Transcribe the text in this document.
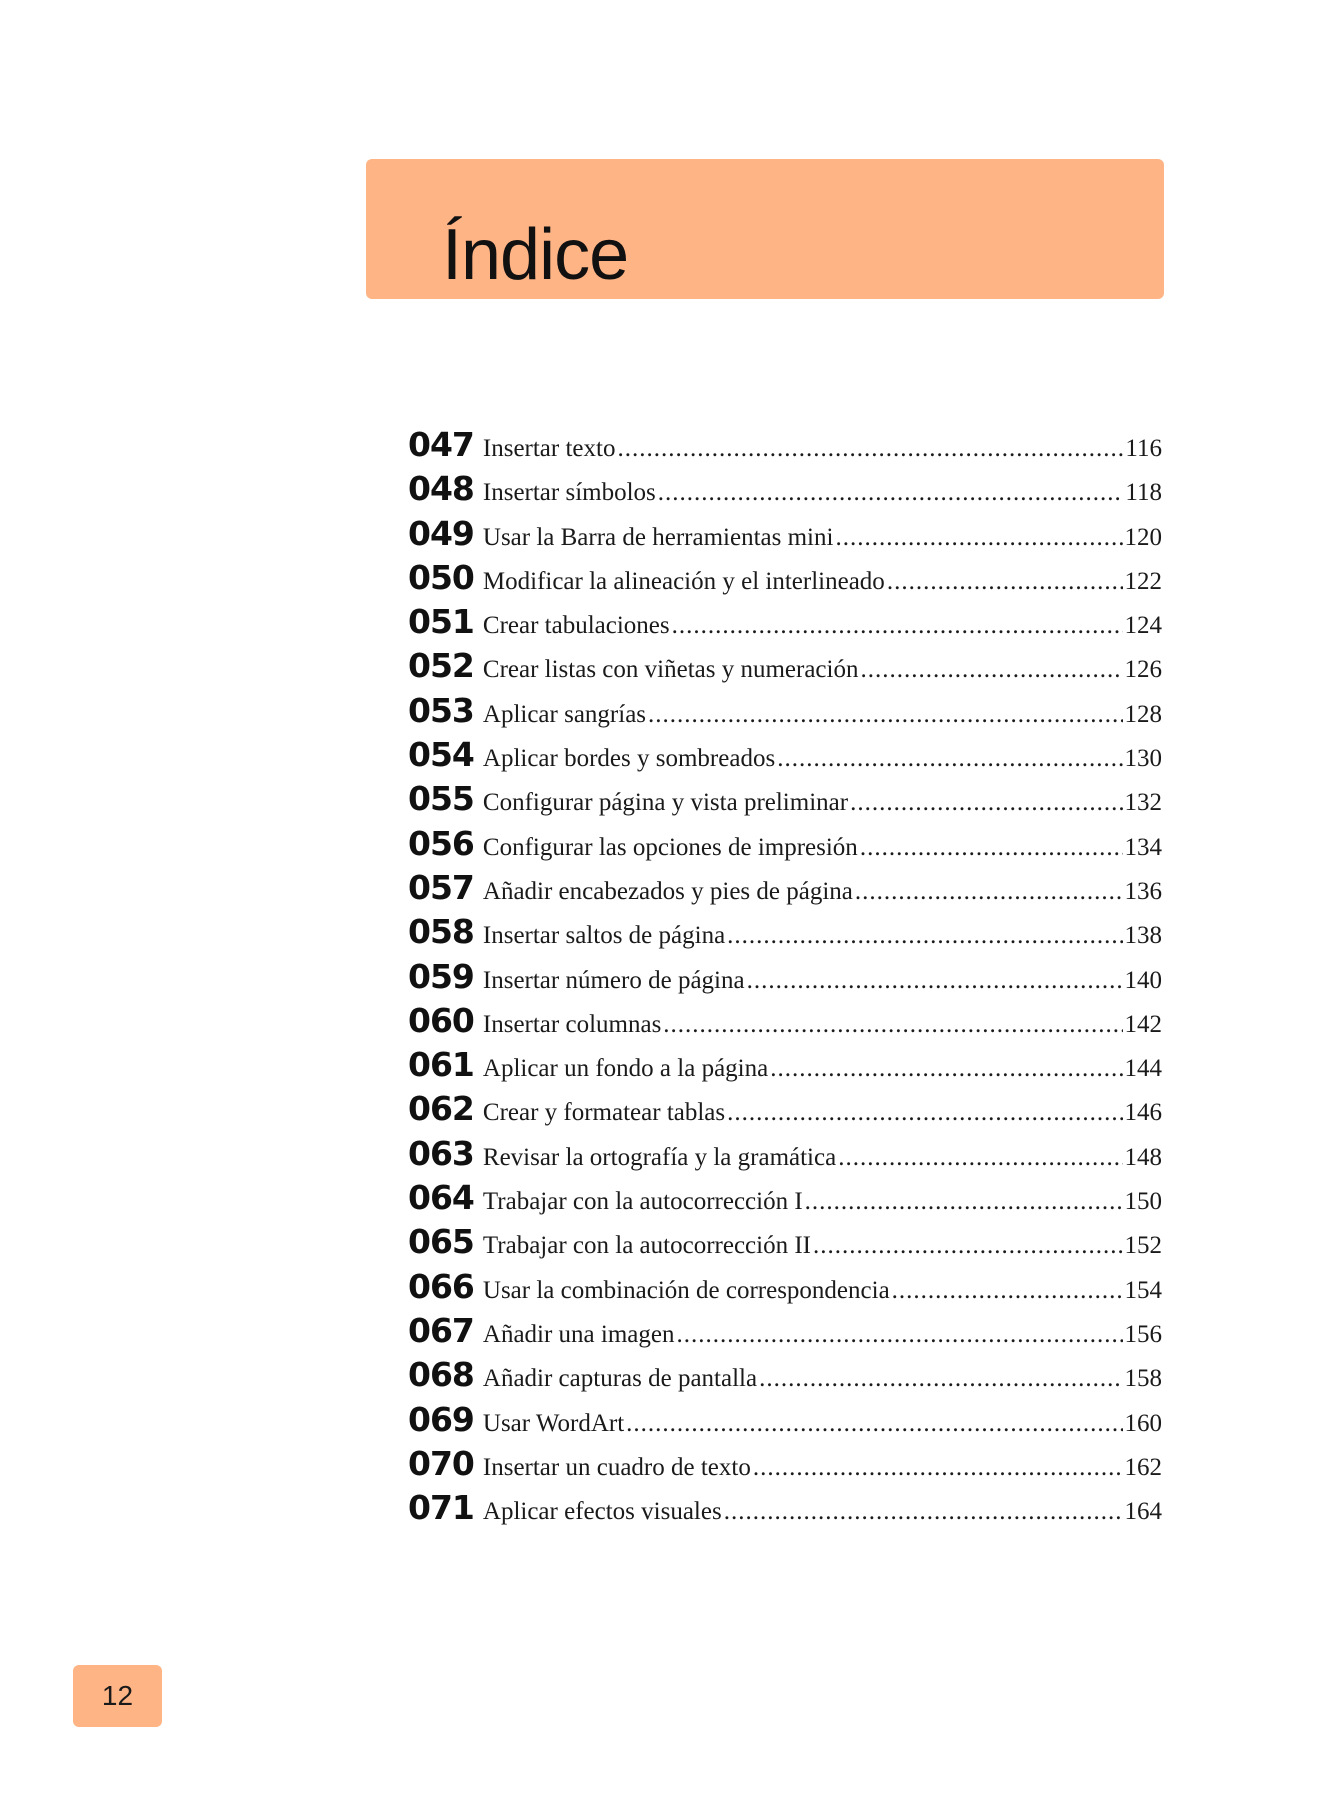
Índice
047 Insertar texto .....	116
048 Insertar símbolos .....	118
049 Usar la Barra de herramientas mini .....	120
050 Modificar la alineación y el interlineado .....	122
051 Crear tabulaciones .....	124
052 Crear listas con viñetas y numeración .....	126
053 Aplicar sangrías .....	128
054 Aplicar bordes y sombreados .....	130
055 Configurar página y vista preliminar .....	132
056 Configurar las opciones de impresión .....	134
057 Añadir encabezados y pies de página .....	136
058 Insertar saltos de página .....	138
059 Insertar número de página .....	140
060 Insertar columnas .....	142
061 Aplicar un fondo a la página .....	144
062 Crear y formatear tablas .....	146
063 Revisar la ortografía y la gramática .....	148
064 Trabajar con la autocorrección I .....	150
065 Trabajar con la autocorrección II .....	152
066 Usar la combinación de correspondencia .....	154
067 Añadir una imagen .....	156
068 Añadir capturas de pantalla .....	158
069 Usar WordArt .....	160
070 Insertar un cuadro de texto .....	162
071 Aplicar efectos visuales .....	164
12
